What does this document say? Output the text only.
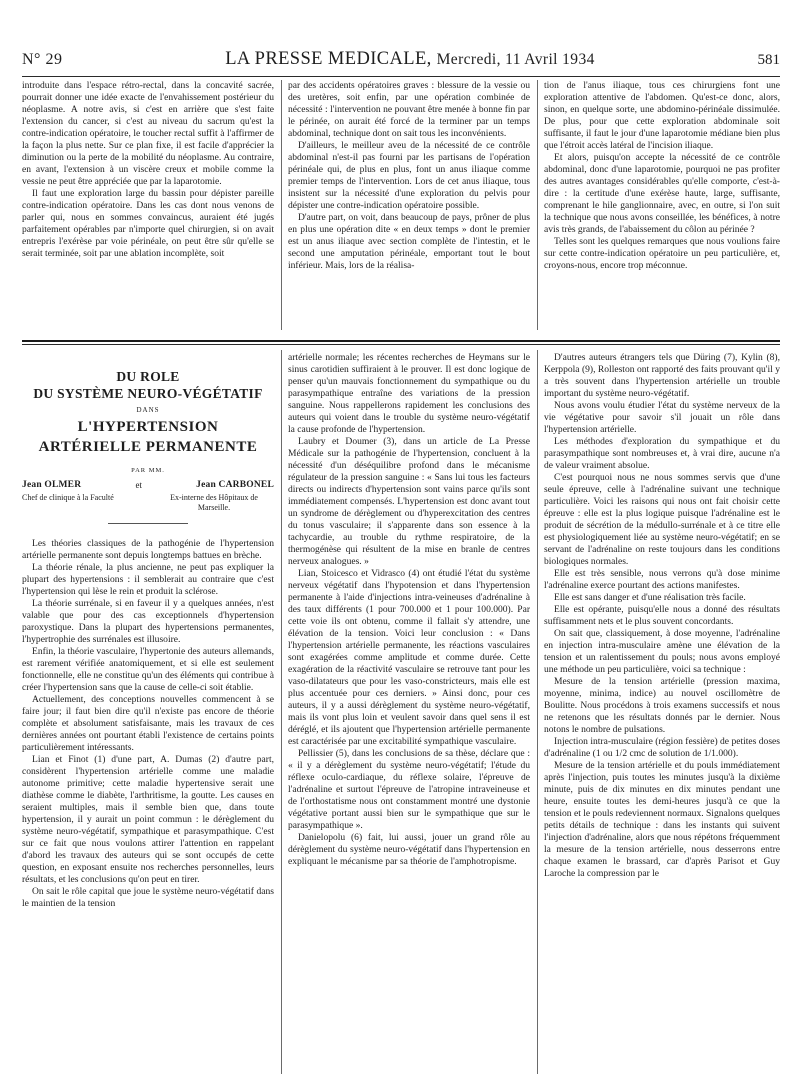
N° 29	LA PRESSE MEDICALE, Mercredi, 11 Avril 1934	581

introduite dans l'espace rétro-rectal, dans la concavité sacrée, pourrait donner une idée exacte de l'envahissement postérieur du néoplasme. A notre avis, si c'est en arrière que s'est faite l'extension du cancer, si c'est au niveau du sacrum qu'est la contre-indication opératoire, le toucher rectal suffit à l'affirmer de la façon la plus nette. Sur ce plan fixe, il est facile d'apprécier la diminution ou la perte de la mobilité du néoplasme. Au contraire, en avant, l'extension à un viscère creux et mobile comme la vessie ne peut être appréciée que par la laparotomie.

Il faut une exploration large du bassin pour dépister pareille contre-indication opératoire. Dans les cas dont nous venons de parler qui, nous en sommes convaincus, auraient été jugés parfaitement opérables par n'importe quel chirurgien, si on avait entrepris l'exérèse par voie périnéale, on peut être sûr qu'elle se serait terminée, soit par une ablation incomplète, soit

par des accidents opératoires graves : blessure de la vessie ou des uretères, soit enfin, par une opération combinée de nécessité : l'intervention ne pouvant être menée à bonne fin par le périnée, on aurait été forcé de la terminer par un temps abdominal, technique dont on sait tous les inconvénients.

D'ailleurs, le meilleur aveu de la nécessité de ce contrôle abdominal n'est-il pas fourni par les partisans de l'opération périnéale qui, de plus en plus, font un anus iliaque comme premier temps de l'intervention. Lors de cet anus iliaque, tous insistent sur la nécessité d'une exploration du pelvis pour dépister une contre-indication opératoire possible.

D'autre part, on voit, dans beaucoup de pays, prôner de plus en plus une opération dite « en deux temps » dont le premier est un anus iliaque avec section complète de l'intestin, et le second une amputation périnéale, emportant tout le bout inférieur. Mais, lors de la réalisa-

tion de l'anus iliaque, tous ces chirurgiens font une exploration attentive de l'abdomen. Qu'est-ce donc, alors, sinon, en quelque sorte, une abdomino-périnéale dissimulée. De plus, pour que cette exploration abdominale soit suffisante, il faut le jour d'une laparotomie médiane bien plus que l'étroit accès latéral de l'incision iliaque.

Et alors, puisqu'on accepte la nécessité de ce contrôle abdominal, donc d'une laparotomie, pourquoi ne pas profiter des autres avantages considérables qu'elle comporte, c'est-à-dire : la certitude d'une exérèse haute, large, suffisante, comprenant le hile ganglionnaire, avec, en outre, si l'on suit la technique que nous avons conseillée, les bénéfices, à notre avis très grands, de l'abaissement du côlon au périnée ?

Telles sont les quelques remarques que nous voulions faire sur cette contre-indication opératoire un peu particulière, et, croyons-nous, encore trop méconnue.

DU ROLE
DU SYSTÈME NEURO-VÉGÉTATIF
DANS
L'HYPERTENSION
ARTÉRIELLE PERMANENTE
PAR MM.
Jean OLMER	et	Jean CARBONEL
Chef de clinique à la Faculté	Ex-interne des Hôpitaux de Marseille.

Les théories classiques de la pathogénie de l'hypertension artérielle permanente sont depuis longtemps battues en brèche.

La théorie rénale, la plus ancienne, ne peut pas expliquer la plupart des hypertensions : il semblerait au contraire que c'est l'hypertension qui lèse le rein et produit la sclérose.

La théorie surrénale, si en faveur il y a quelques années, n'est valable que pour des cas exceptionnels d'hypertension paroxystique. Dans la plupart des hypertensions permanentes, l'hypertrophie des surrénales est illusoire.

Enfin, la théorie vasculaire, l'hypertonie des auteurs allemands, est rarement vérifiée anatomiquement, et si elle est seulement fonctionnelle, elle ne constitue qu'un des éléments qui contribue à créer l'hypertension sans que la cause de celle-ci soit établie.

Actuellement, des conceptions nouvelles commencent à se faire jour; il faut bien dire qu'il n'existe pas encore de théorie complète et absolument satisfaisante, mais les travaux de ces dernières années ont pourtant établi l'existence de certains points particulièrement intéressants.

Lian et Finot (1) d'une part, A. Dumas (2) d'autre part, considèrent l'hypertension artérielle comme une maladie autonome primitive; cette maladie hypertensive serait une diathèse comme le diabète, l'arthritisme, la goutte. Les causes en seraient multiples, mais il semble bien que, dans toute hypertension, il y aurait un point commun : le dérèglement du système neuro-végétatif, sympathique et parasympathique. C'est sur ce fait que nous voulons attirer l'attention en rappelant d'abord les travaux des auteurs qui se sont occupés de cette question, en exposant ensuite nos recherches personnelles, leurs résultats, et les conclusions qu'on peut en tirer.

On sait le rôle capital que joue le système neuro-végétatif dans le maintien de la tension

artérielle normale; les récentes recherches de Heymans sur le sinus carotidien suffiraient à le prouver. Il est donc logique de penser qu'un mauvais fonctionnement du sympathique ou du parasympathique entraîne des variations de la pression sanguine. Nous rappellerons rapidement les conclusions des auteurs qui voient dans le trouble du système neuro-végétatif la cause profonde de l'hypertension.

Laubry et Doumer (3), dans un article de La Presse Médicale sur la pathogénie de l'hypertension, concluent à la nécessité d'un déséquilibre profond dans le mécanisme régulateur de la pression sanguine : « Sans lui tous les facteurs directs ou indirects d'hypertension sont vains parce qu'ils sont immédiatement compensés. L'hypertension est donc avant tout un syndrome de dérèglement ou d'hyperexcitation des centres du tonus vasculaire; il s'apparente dans son essence à la tachycardie, au trouble du rythme respiratoire, de la thermogénèse qui résultent de la mise en branle de centres nerveux analogues. »

Lian, Stoicesco et Vidrasco (4) ont étudié l'état du système nerveux végétatif dans l'hypotension et dans l'hypertension permanente à l'aide d'injections intra-veineuses d'adrénaline à des taux différents (1 pour 700.000 et 1 pour 100.000). Par cette voie ils ont obtenu, comme il fallait s'y attendre, une élévation de la tension. Voici leur conclusion : « Dans l'hypertension artérielle permanente, les réactions vasculaires sont exagérées comme amplitude et comme durée. Cette exagération de la réactivité vasculaire se retrouve tant pour les vaso-dilatateurs que pour les vaso-constricteurs, mais elle est plus accentuée pour ces derniers. » Ainsi donc, pour ces auteurs, il y a aussi dérèglement du système neuro-végétatif, mais ils vont plus loin et veulent savoir dans quel sens il est déréglé, et ils ajoutent que l'hypertension artérielle permanente est caractérisée par une excitabilité sympathique vasculaire.

Pellissier (5), dans les conclusions de sa thèse, déclare que : « il y a dérèglement du système neuro-végétatif; l'étude du réflexe oculo-cardiaque, du réflexe solaire, l'épreuve de l'adrénaline et surtout l'épreuve de l'atropine intraveineuse et de l'orthostatisme nous ont constamment montré une dystonie végétative portant aussi bien sur le sympathique que sur le parasympathique ».

Danielopolu (6) fait, lui aussi, jouer un grand rôle au dérèglement du système neuro-végétatif dans l'hypertension en expliquant le mécanisme par sa théorie de l'amphotropisme.

D'autres auteurs étrangers tels que Düring (7), Kylin (8), Kerppola (9), Rolleston ont rapporté des faits prouvant qu'il y a très souvent dans l'hypertension artérielle un trouble important du système neuro-végétatif.

Nous avons voulu étudier l'état du système nerveux de la vie végétative pour savoir s'il jouait un rôle dans l'hypertension artérielle.

Les méthodes d'exploration du sympathique et du parasympathique sont nombreuses et, à vrai dire, aucune n'a de valeur vraiment absolue.

C'est pourquoi nous ne nous sommes servis que d'une seule épreuve, celle à l'adrénaline suivant une technique particulière. Voici les raisons qui nous ont fait choisir cette épreuve : elle est la plus logique puisque l'adrénaline est le produit de sécrétion de la médullo-surrénale et à ce titre elle est physiologiquement liée au système neuro-végétatif; en se servant de l'adrénaline on reste toujours dans les conditions biologiques normales.

Elle est très sensible, nous verrons qu'à dose minime l'adrénaline exerce pourtant des actions manifestes.

Elle est sans danger et d'une réalisation très facile.

Elle est opérante, puisqu'elle nous a donné des résultats suffisamment nets et le plus souvent concordants.

On sait que, classiquement, à dose moyenne, l'adrénaline en injection intra-musculaire amène une élévation de la tension et un ralentissement du pouls; nous avons employé une méthode un peu particulière, voici sa technique :

Mesure de la tension artérielle (pression maxima, moyenne, minima, indice) au nouvel oscillomètre de Boulitte. Nous procédons à trois examens successifs et nous ne retenons que les résultats donnés par le dernier. Nous notons le nombre de pulsations.

Injection intra-musculaire (région fessière) de petites doses d'adrénaline (1 ou 1/2 cmc de solution de 1/1.000).

Mesure de la tension artérielle et du pouls immédiatement après l'injection, puis toutes les minutes jusqu'à la dixième minute, puis de dix minutes en dix minutes pendant une heure, ensuite toutes les demi-heures jusqu'à ce que la tension et le pouls redeviennent normaux. Signalons quelques petits détails de technique : dans les instants qui suivent l'injection d'adrénaline, alors que nous répétons fréquemment la mesure de la tension artérielle, nous desserrons entre chaque examen le brassard, car d'après Parisot et Guy Laroche la compression par le
